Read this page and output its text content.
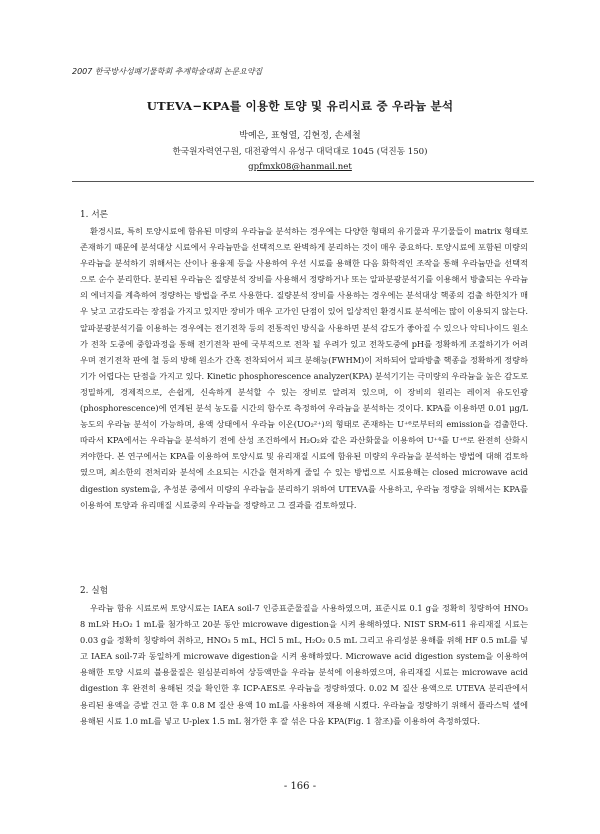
2007 한국방사성폐기물학회 추계학술대회 논문요약집
UTEVA−KPA를 이용한 토양 및 유리시료 중 우라늄 분석
박예은, 표형열, 김현정, 손세철
한국원자력연구원, 대전광역시 유성구 대덕대로 1045 (덕진동 150)
gpfmxk08@hanmail.net
1. 서론

환경시료, 특히 토양시료에 함유된 미량의 우라늄을 분석하는 경우에는 다양한 형태의 유기물과 무기물들이 matrix 형태로 존재하기 때문에 분석대상 시료에서 우라늄만을 선택적으로 완벽하게 분리하는 것이 매우 중요하다. 토양시료에 포함된 미량의 우라늄을 분석하기 위해서는 산이나 용융제 등을 사용하여 우선 시료를 용해한 다음 화학적인 조작을 통해 우라늄만을 선택적으로 순수 분리한다. 분리된 우라늄은 질량분석 장비를 사용해서 정량하거나 또는 알파분광분석기를 이용해서 방출되는 우라늄의 에너지를 계측하여 정량하는 방법을 주로 사용한다. 질량분석 장비를 사용하는 경우에는 분석대상 핵종의 검출 하한치가 매우 낮고 고감도라는 장점을 가지고 있지만 장비가 매우 고가인 단점이 있어 일상적인 환경시료 분석에는 많이 이용되지 않는다. 알파분광분석기를 이용하는 경우에는 전기전착 등의 전통적인 방식을 사용하면 분석 감도가 좋아질 수 있으나 악티나이드 원소가 전착 도중에 중합과정을 통해 전기전착 판에 국부적으로 전착 될 우려가 있고 전착도중에 pH를 정확하게 조절하기가 어려우며 전기전착 판에 철 등의 방해 원소가 간혹 전착되어서 피크 분해능(FWHM)이 저하되어 알파방출 핵종을 정확하게 정량하기가 어렵다는 단점을 가지고 있다. Kinetic phosphorescence analyzer(KPA) 분석기기는 극미량의 우라늄을 높은 감도로 정밀하게, 경제적으로, 손쉽게, 신속하게 분석할 수 있는 장비로 알려져 있으며, 이 장비의 원리는 레이저 유도인광(phosphorescence)에 연계된 분석 농도를 시간의 함수로 측정하여 우라늄을 분석하는 것이다. KPA를 이용하면 0.01 μg/L 농도의 우라늄 분석이 가능하며, 용액 상태에서 우라늄 이온(UO₂²⁺)의 형태로 존재하는 U⁺⁶로부터의 emission을 검출한다. 따라서 KPA에서는 우라늄을 분석하기 전에 산성 조건하에서 H₂O₂와 같은 과산화물을 이용하여 U⁺⁴를 U⁺⁶로 완전히 산화시켜야한다. 본 연구에서는 KPA를 이용하여 토양시료 및 유리재질 시료에 함유된 미량의 우라늄을 분석하는 방법에 대해 검토하였으며, 최소한의 전처리와 분석에 소요되는 시간을 현저하게 줄일 수 있는 방법으로 시료용해는 closed microwave acid digestion system을, 추성분 중에서 미량의 우라늄을 분리하기 위하여 UTEVA를 사용하고, 우라늄 정량을 위해서는 KPA를 이용하여 토양과 유리매질 시료중의 우라늄을 정량하고 그 결과를 검토하였다.

2. 실험

우라늄 함유 시료로써 토양시료는 IAEA soil-7 인증표준물질을 사용하였으며, 표준시료 0.1 g을 정확히 칭량하여 HNO₃ 8 mL와 H₂O₂ 1 mL를 첨가하고 20분 동안 microwave digestion을 시켜 용해하였다. NIST SRM-611 유리재질 시료는 0.03 g을 정확히 칭량하여 취하고, HNO₃ 5 mL, HCl 5 mL, H₂O₂ 0.5 mL 그리고 유리성분 용해를 위해 HF 0.5 mL를 넣고 IAEA soil-7과 동일하게 microwave digestion을 시켜 용해하였다. Microwave acid digestion system을 이용하여 용해한 토양 시료의 불용물질은 원심분리하여 상등액만을 우라늄 분석에 이용하였으며, 유리재질 시료는 microwave acid digestion 후 완전히 용해된 것을 확인한 후 ICP-AES로 우라늄을 정량하였다. 0.02 M 질산 용액으로 UTEVA 분리관에서 용리된 용액을 증발 건고 한 후 0.8 M 질산 용액 10 mL를 사용하여 재용해 시켰다. 우라늄을 정량하기 위해서 플라스틱 셀에 용해된 시료 1.0 mL를 넣고 U-plex 1.5 mL 첨가한 후 잘 섞은 다음 KPA(Fig. 1 참조)를 이용하여 측정하였다.

- 166 -
